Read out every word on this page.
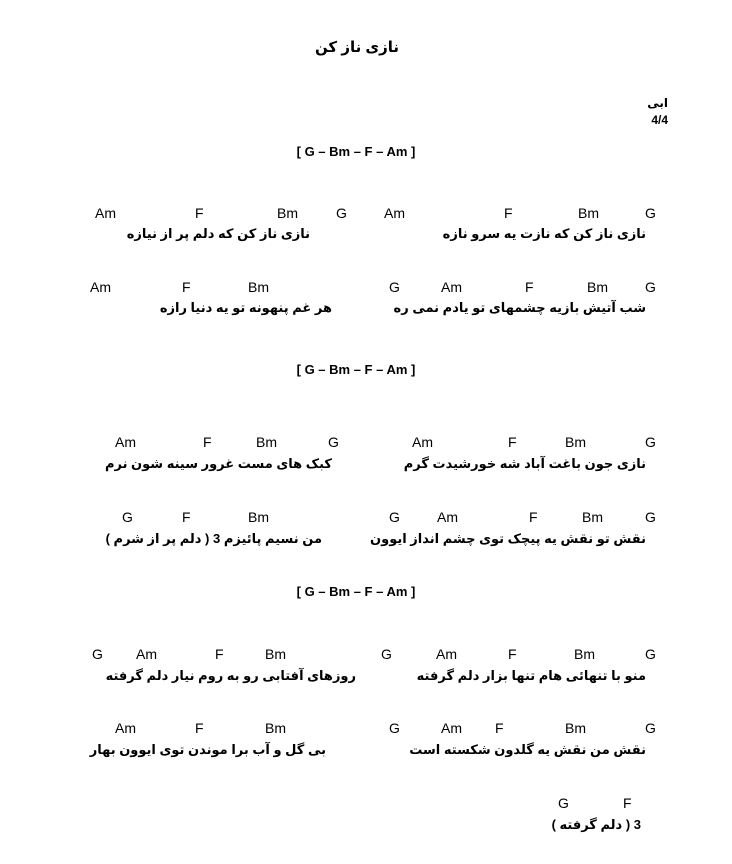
نازی ناز کن
ابی
4/4
[ G – Bm – F – Am ]
Am	F	Bm	G	Am	F	Bm	G
نازی ناز کن که دلم پر از نیازه	نازی ناز کن که نازت یه سرو نازه
Am	F	Bm	G	Am	F	Bm	G
هر غم پنهونه تو یه دنیا رازه	شب آتیش بازیه چشمهای تو یادم نمی ره
[ G – Bm – F – Am ]
Am	F	Bm	G	Am	F	Bm	G
کبک های مست غرور سینه شون نرم	نازی جون باغت آباد شه خورشیدت گرم
G	F	Bm	G	Am	F	Bm	G
من نسیم پائیزم 3 ( دلم پر از شرم )	نقش تو نقش یه پیچک توی چشم انداز ایوون
[ G – Bm – F – Am ]
G Am	F	Bm	G	Am	F	Bm	G
روزهای آفتابی رو به روم نیار دلم گرفته	منو با تنهائی هام تنها بزار دلم گرفته
Am	F	Bm	G	Am F	Bm	G
بی گل و آب برا موندن توی ایوون بهار	نقش من نقش یه گلدون شکسته است
G	F
3 ( دلم گرفته )
